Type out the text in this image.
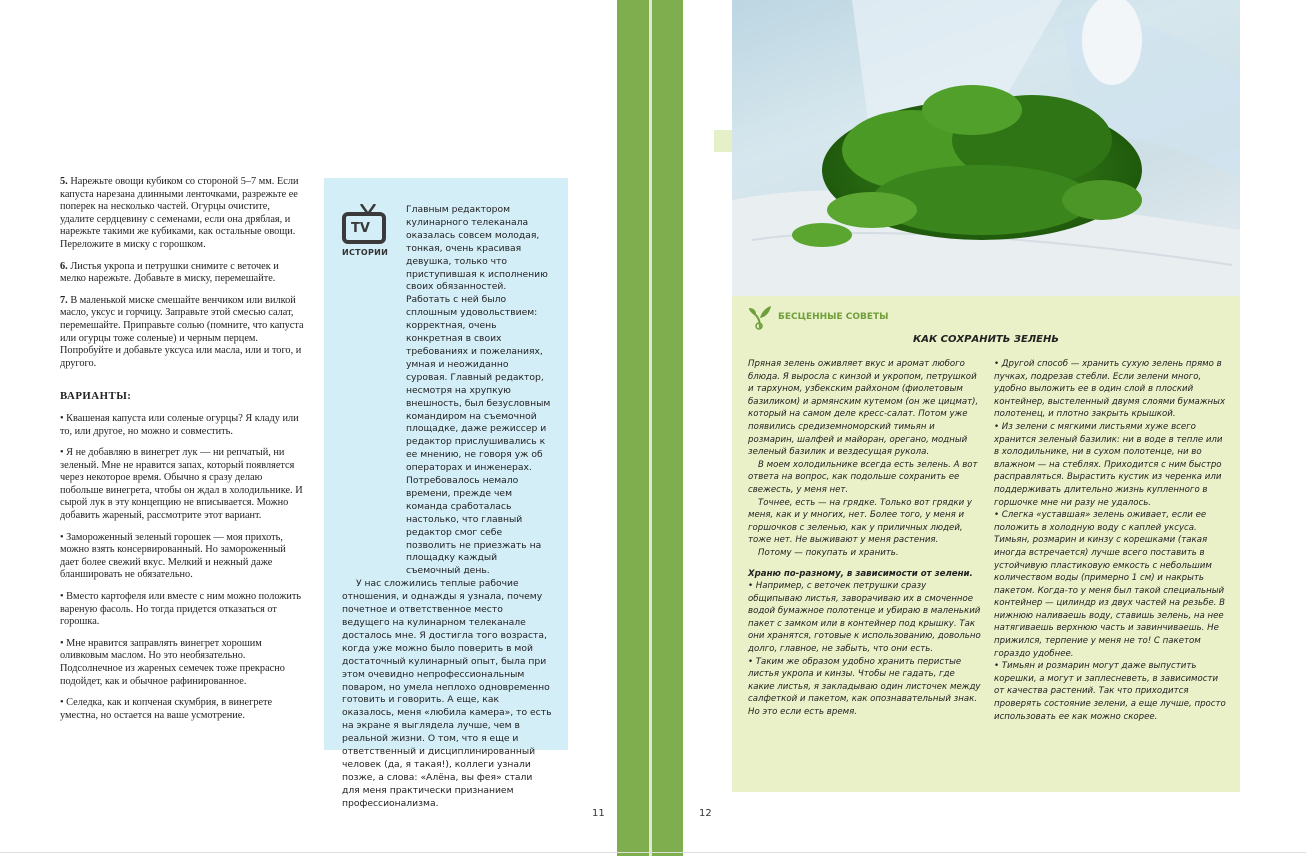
5. Нарежьте овощи кубиком со стороной 5–7 мм. Если капуста нарезана длинными ленточками, разрежьте ее поперек на несколько частей. Огурцы очистите, удалите сердцевину с семенами, если она дряблая, и нарежьте такими же кубиками, как остальные овощи. Переложите в миску с горошком.

6. Листья укропа и петрушки снимите с веточек и мелко нарежьте. Добавьте в миску, перемешайте.

7. В маленькой миске смешайте венчиком или вилкой масло, уксус и горчицу. Заправьте этой смесью салат, перемешайте. Приправьте солью (помните, что капуста или огурцы тоже соленые) и черным перцем. Попробуйте и добавьте уксуса или масла, или и того, и другого.

ВАРИАНТЫ:

• Квашеная капуста или соленые огурцы? Я кладу или то, или другое, но можно и совместить.

• Я не добавляю в винегрет лук — ни репчатый, ни зеленый. Мне не нравится запах, который появляется через некоторое время. Обычно я сразу делаю побольше винегрета, чтобы он ждал в холодильнике. И сырой лук в эту концепцию не вписывается. Можно добавить жареный, рассмотрите этот вариант.

• Замороженный зеленый горошек — моя прихоть, можно взять консервированный. Но замороженный дает более свежий вкус. Мелкий и нежный даже бланшировать не обязательно.

• Вместо картофеля или вместе с ним можно положить вареную фасоль. Но тогда придется отказаться от горошка.

• Мне нравится заправлять винегрет хорошим оливковым маслом. Но это необязательно. Подсолнечное из жареных семечек тоже прекрасно подойдет, как и обычное рафинированное.

• Селедка, как и копченая скумбрия, в винегрете уместна, но остается на ваше усмотрение.

TV
ИСТОРИИ

Главным редактором кулинарного телеканала оказалась совсем молодая, тонкая, очень красивая девушка, только что приступившая к исполнению своих обязанностей. Работать с ней было сплошным удовольствием: корректная, очень конкретная в своих требованиях и пожеланиях, умная и неожиданно суровая. Главный редактор, несмотря на хрупкую внешность, был безусловным командиром на съемочной площадке, даже режиссер и редактор прислушивались к ее мнению, не говоря уж об операторах и инженерах. Потребовалось немало времени, прежде чем команда сработалась настолько, что главный редактор смог себе позволить не приезжать на площадку каждый съемочный день.

У нас сложились теплые рабочие отношения, и однажды я узнала, почему почетное и ответственное место ведущего на кулинарном телеканале досталось мне. Я достигла того возраста, когда уже можно было поверить в мой достаточный кулинарный опыт, была при этом очевидно непрофессиональным поваром, но умела неплохо одновременно готовить и говорить. А еще, как оказалось, меня «любила камера», то есть на экране я выглядела лучше, чем в реальной жизни. О том, что я еще и ответственный и дисциплинированный человек (да, я такая!), коллеги узнали позже, а слова: «Алёна, вы фея» стали для меня практически признанием профессионализма.

11	12
БЕСЦЕННЫЕ СОВЕТЫ
КАК СОХРАНИТЬ ЗЕЛЕНЬ

Пряная зелень оживляет вкус и аромат любого блюда. Я выросла с кинзой и укропом, петрушкой и тархуном, узбекским райхоном (фиолетовым базиликом) и армянским кутемом (он же цицмат), который на самом деле кресс-салат. Потом уже появились средиземноморский тимьян и розмарин, шалфей и майоран, орегано, модный зеленый базилик и вездесущая рукола.

В моем холодильнике всегда есть зелень. А вот ответа на вопрос, как подольше сохранить ее свежесть, у меня нет.

Точнее, есть — на грядке. Только вот грядки у меня, как и у многих, нет. Более того, у меня и горшочков с зеленью, как у приличных людей, тоже нет. Не выживают у меня растения.

Потому — покупать и хранить.

Храню по-разному, в зависимости от зелени.

• Например, с веточек петрушки сразу общипываю листья, заворачиваю их в смоченное водой бумажное полотенце и убираю в маленький пакет с замком или в контейнер под крышку. Так они хранятся, готовые к использованию, довольно долго, главное, не забыть, что они есть.

• Таким же образом удобно хранить перистые листья укропа и кинзы. Чтобы не гадать, где какие листья, я закладываю один листочек между салфеткой и пакетом, как опознавательный знак. Но это если есть время.

• Другой способ — хранить сухую зелень прямо в пучках, подрезав стебли. Если зелени много, удобно выложить ее в один слой в плоский контейнер, выстеленный двумя слоями бумажных полотенец, и плотно закрыть крышкой.

• Из зелени с мягкими листьями хуже всего хранится зеленый базилик: ни в воде в тепле или в холодильнике, ни в сухом полотенце, ни во влажном — на стеблях. Приходится с ним быстро расправляться. Вырастить кустик из черенка или поддерживать длительно жизнь купленного в горшочке мне ни разу не удалось.

• Слегка «уставшая» зелень оживает, если ее положить в холодную воду с каплей уксуса. Тимьян, розмарин и кинзу с корешками (такая иногда встречается) лучше всего поставить в устойчивую пластиковую емкость с небольшим количеством воды (примерно 1 см) и накрыть пакетом. Когда-то у меня был такой специальный контейнер — цилиндр из двух частей на резьбе. В нижнюю наливаешь воду, ставишь зелень, на нее натягиваешь верхнюю часть и завинчиваешь. Не прижился, терпение у меня не то! С пакетом гораздо удобнее.

• Тимьян и розмарин могут даже выпустить корешки, а могут и заплесневеть, в зависимости от качества растений. Так что приходится проверять состояние зелени, а еще лучше, просто использовать ее как можно скорее.
